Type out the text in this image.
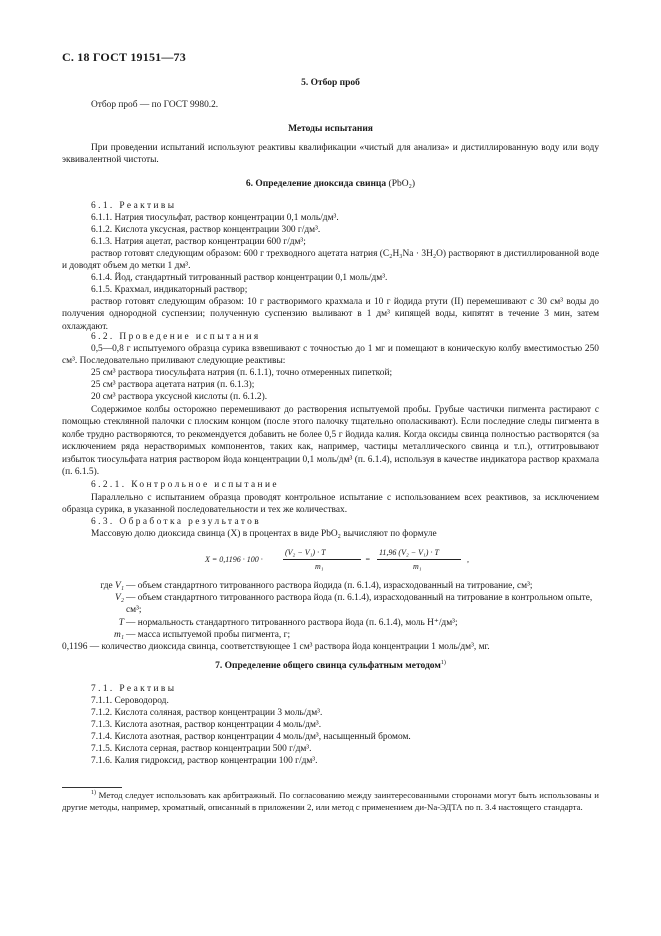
С. 18 ГОСТ 19151—73
5. Отбор проб
Отбор проб — по ГОСТ 9980.2.
Методы испытания
При проведении испытаний используют реактивы квалификации «чистый для анализа» и дистиллированную воду или воду эквивалентной чистоты.
6. Определение диоксида свинца (PbO₂)
6.1. Реактивы
6.1.1. Натрия тиосульфат, раствор концентрации 0,1 моль/дм³.
6.1.2. Кислота уксусная, раствор концентрации 300 г/дм³.
6.1.3. Натрия ацетат, раствор концентрации 600 г/дм³;
раствор готовят следующим образом: 600 г трехводного ацетата натрия (C₂H₃Na · 3H₂O) растворяют в дистиллированной воде и доводят объем до метки 1 дм³.
6.1.4. Йод, стандартный титрованный раствор концентрации 0,1 моль/дм³.
6.1.5. Крахмал, индикаторный раствор;
раствор готовят следующим образом: 10 г растворимого крахмала и 10 г йодида ртути (II) перемешивают с 30 см³ воды до получения однородной суспензии; полученную суспензию выливают в 1 дм³ кипящей воды, кипятят в течение 3 мин, затем охлаждают.
6.2. Проведение испытания
0,5—0,8 г испытуемого образца сурика взвешивают с точностью до 1 мг и помещают в коническую колбу вместимостью 250 см³. Последовательно приливают следующие реактивы:
25 см³ раствора тиосульфата натрия (п. 6.1.1), точно отмеренных пипеткой;
25 см³ раствора ацетата натрия (п. 6.1.3);
20 см³ раствора уксусной кислоты (п. 6.1.2).
Содержимое колбы осторожно перемешивают до растворения испытуемой пробы. Грубые частички пигмента растирают с помощью стеклянной палочки с плоским концом (после этого палочку тщательно ополаскивают). Если последние следы пигмента в колбе трудно растворяются, то рекомендуется добавить не более 0,5 г йодида калия. Когда оксиды свинца полностью растворятся (за исключением ряда нерастворимых компонентов, таких как, например, частицы металлического свинца и т.п.), оттитровывают избыток тиосульфата натрия раствором йода концентрации 0,1 моль/дм³ (п. 6.1.4), используя в качестве индикатора раствор крахмала (п. 6.1.5).
6.2.1. Контрольное испытание
Параллельно с испытанием образца проводят контрольное испытание с использованием всех реактивов, за исключением образца сурика, в указанной последовательности и тех же количествах.
6.3. Обработка результатов
Массовую долю диоксида свинца (X) в процентах в виде PbO₂ вычисляют по формуле
X = 0,1196 · 100 ·
(V₂ − V₁) · T
m₁
=
11,96 (V₂ − V₁) · T
m₁
,
где V₁ — объем стандартного титрованного раствора йодида (п. 6.1.4), израсходованный на титрование, см³;
V₂ — объем стандартного титрованного раствора йода (п. 6.1.4), израсходованный на титрование в контрольном опыте, см³;
T — нормальность стандартного титрованного раствора йода (п. 6.1.4), моль H⁺/дм³;
m₁ — масса испытуемой пробы пигмента, г;
0,1196 — количество диоксида свинца, соответствующее 1 см³ раствора йода концентрации 1 моль/дм³, мг.
7. Определение общего свинца сульфатным методом$^{1)}$
7.1. Реактивы
7.1.1. Сероводород.
7.1.2. Кислота соляная, раствор концентрации 3 моль/дм³.
7.1.3. Кислота азотная, раствор концентрации 4 моль/дм³.
7.1.4. Кислота азотная, раствор концентрации 4 моль/дм³, насыщенный бромом.
7.1.5. Кислота серная, раствор концентрации 500 г/дм³.
7.1.6. Калия гидроксид, раствор концентрации 100 г/дм³.
$^{1)}$ Метод следует использовать как арбитражный. По согласованию между заинтересованными сторонами могут быть использованы и другие методы, например, хроматный, описанный в приложении 2, или метод с применением ди-Na-ЭДТА по п. 3.4 настоящего стандарта.
